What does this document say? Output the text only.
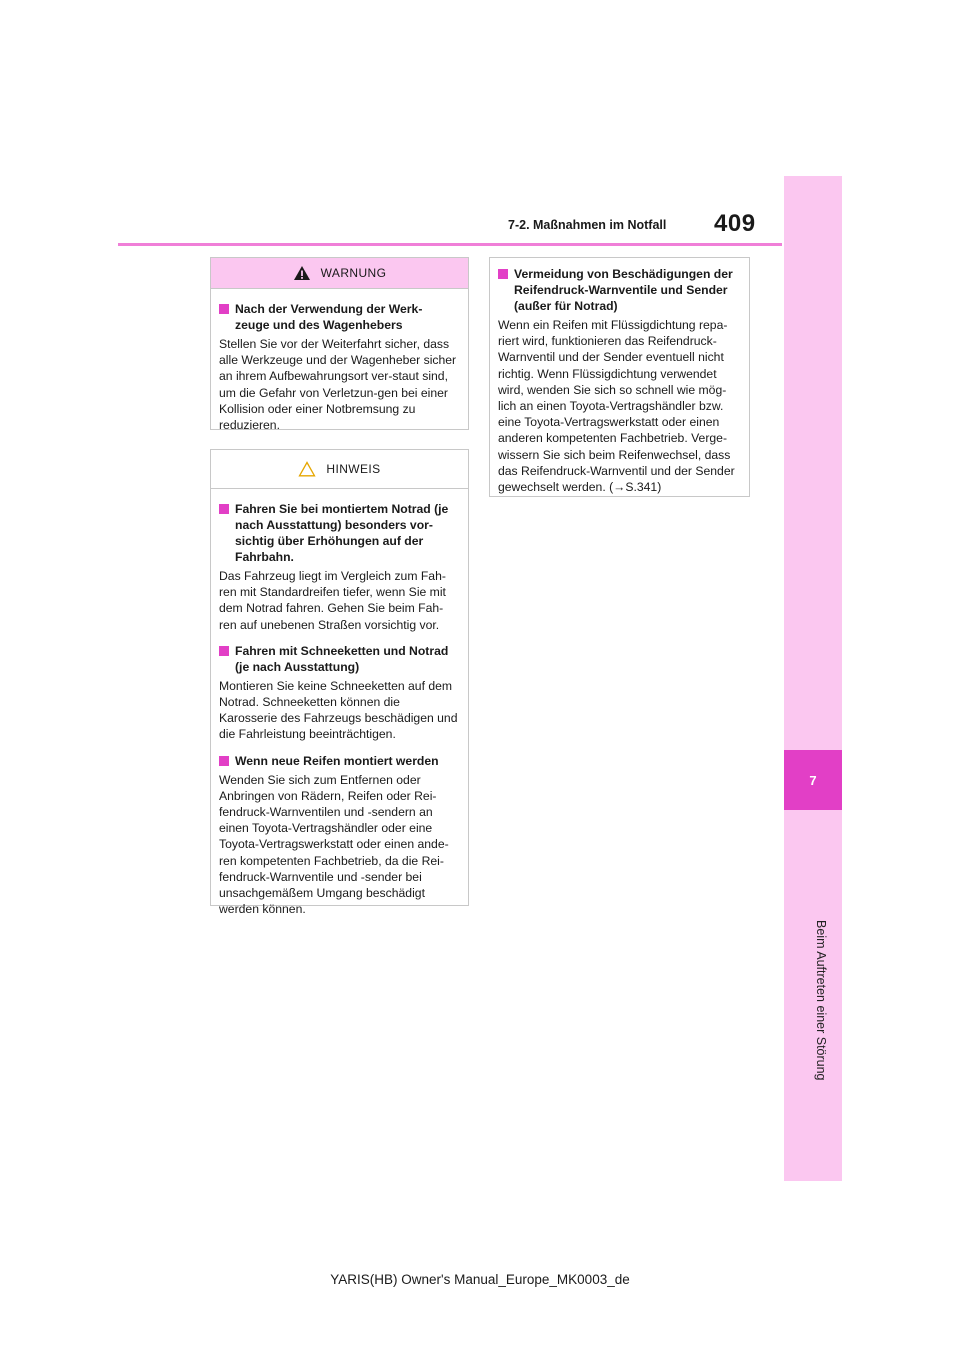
7
Beim Auftreten einer Störung
7-2. Maßnahmen im Notfall 409
WARNUNG
Nach der Verwendung der Werk-
zeuge und des Wagenhebers
Stellen Sie vor der Weiterfahrt sicher, dass alle Werkzeuge und der Wagenheber sicher an ihrem Aufbewahrungsort ver-staut sind, um die Gefahr von Verletzun-gen bei einer Kollision oder einer Notbremsung zu reduzieren.
HINWEIS
Fahren Sie bei montiertem Notrad (je nach Ausstattung) besonders vor-sichtig über Erhöhungen auf der Fahrbahn.
Das Fahrzeug liegt im Vergleich zum Fah-ren mit Standardreifen tiefer, wenn Sie mit dem Notrad fahren. Gehen Sie beim Fah-ren auf unebenen Straßen vorsichtig vor.
Fahren mit Schneeketten und Notrad (je nach Ausstattung)
Montieren Sie keine Schneeketten auf dem Notrad. Schneeketten können die Karosserie des Fahrzeugs beschädigen und die Fahrleistung beeinträchtigen.
Wenn neue Reifen montiert werden
Wenden Sie sich zum Entfernen oder Anbringen von Rädern, Reifen oder Rei-fendruck-Warnventilen und -sendern an einen Toyota-Vertragshändler oder eine Toyota-Vertragswerkstatt oder einen ande-ren kompetenten Fachbetrieb, da die Rei-fendruck-Warnventile und -sender bei unsachgemäßem Umgang beschädigt werden können.
Vermeidung von Beschädigungen der Reifendruck-Warnventile und Sender (außer für Notrad)
Wenn ein Reifen mit Flüssigdichtung repa-riert wird, funktionieren das Reifendruck-Warnventil und der Sender eventuell nicht richtig. Wenn Flüssigdichtung verwendet wird, wenden Sie sich so schnell wie mög-lich an einen Toyota-Vertragshändler bzw. eine Toyota-Vertragswerkstatt oder einen anderen kompetenten Fachbetrieb. Verge-wissern Sie sich beim Reifenwechsel, dass das Reifendruck-Warnventil und der Sender gewechselt werden. (→S.341)
YARIS(HB) Owner's Manual_Europe_MK0003_de
